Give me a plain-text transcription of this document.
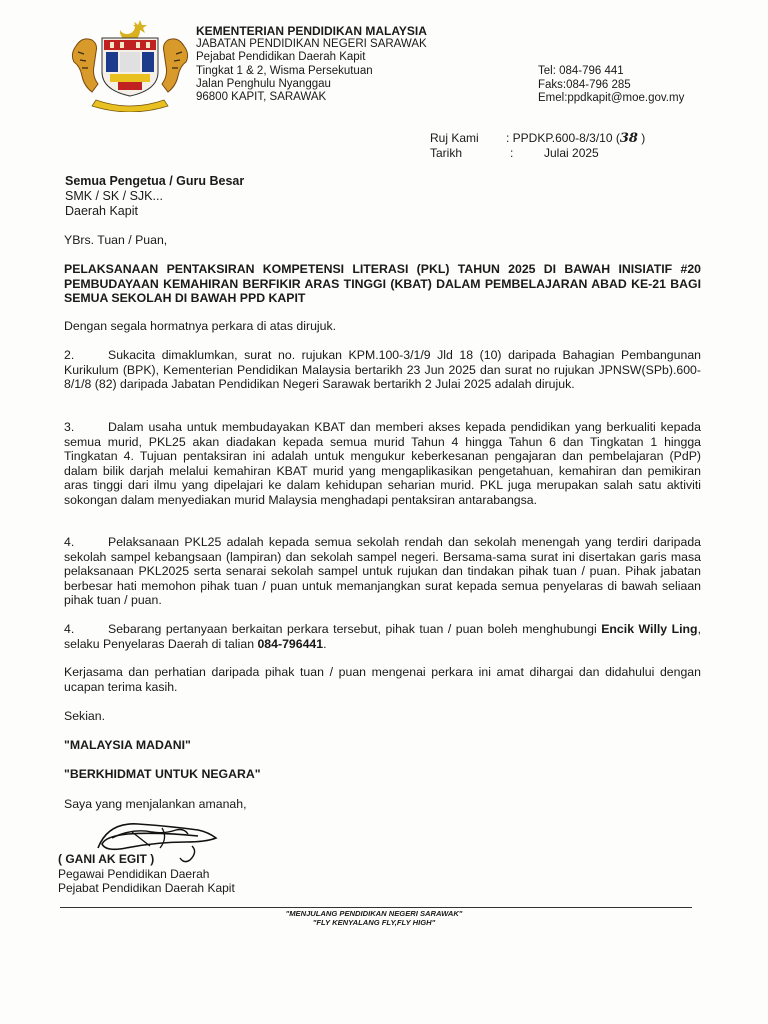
KEMENTERIAN PENDIDIKAN MALAYSIA
JABATAN PENDIDIKAN NEGERI SARAWAK
Pejabat Pendidikan Daerah Kapit
Tingkat 1 & 2, Wisma Persekutuan
Jalan Penghulu Nyanggau
96800 KAPIT, SARAWAK
Tel: 084-796 441
Faks:084-796 285
Emel:ppdkapit@moe.gov.my
Ruj Kami : PPDKP.600-8/3/10 (38 )
Tarikh	:	Julai 2025
Semua Pengetua / Guru Besar
SMK / SK / SJK...
Daerah Kapit
YBrs. Tuan / Puan,
PELAKSANAAN PENTAKSIRAN KOMPETENSI LITERASI (PKL) TAHUN 2025 DI BAWAH INISIATIF #20 PEMBUDAYAAN KEMAHIRAN BERFIKIR ARAS TINGGI (KBAT) DALAM PEMBELAJARAN ABAD KE-21 BAGI SEMUA SEKOLAH DI BAWAH PPD KAPIT
Dengan segala hormatnya perkara di atas dirujuk.
2.	Sukacita dimaklumkan, surat no. rujukan KPM.100-3/1/9 Jld 18 (10) daripada Bahagian Pembangunan Kurikulum (BPK), Kementerian Pendidikan Malaysia bertarikh 23 Jun 2025 dan surat no rujukan JPNSW(SPb).600-8/1/8 (82) daripada Jabatan Pendidikan Negeri Sarawak bertarikh 2 Julai 2025 adalah dirujuk.
3.	Dalam usaha untuk membudayakan KBAT dan memberi akses kepada pendidikan yang berkualiti kepada semua murid, PKL25 akan diadakan kepada semua murid Tahun 4 hingga Tahun 6 dan Tingkatan 1 hingga Tingkatan 4. Tujuan pentaksiran ini adalah untuk mengukur keberkesanan pengajaran dan pembelajaran (PdP) dalam bilik darjah melalui kemahiran KBAT murid yang mengaplikasikan pengetahuan, kemahiran dan pemikiran aras tinggi dari ilmu yang dipelajari ke dalam kehidupan seharian murid. PKL juga merupakan salah satu aktiviti sokongan dalam menyediakan murid Malaysia menghadapi pentaksiran antarabangsa.
4.	Pelaksanaan PKL25 adalah kepada semua sekolah rendah dan sekolah menengah yang terdiri daripada sekolah sampel kebangsaan (lampiran) dan sekolah sampel negeri. Bersama-sama surat ini disertakan garis masa pelaksanaan PKL2025 serta senarai sekolah sampel untuk rujukan dan tindakan pihak tuan / puan. Pihak jabatan berbesar hati memohon pihak tuan / puan untuk memanjangkan surat kepada semua penyelaras di bawah seliaan pihak tuan / puan.
4.	Sebarang pertanyaan berkaitan perkara tersebut, pihak tuan / puan boleh menghubungi Encik Willy Ling, selaku Penyelaras Daerah di talian 084-796441.
Kerjasama dan perhatian daripada pihak tuan / puan mengenai perkara ini amat dihargai dan didahului dengan ucapan terima kasih.
Sekian.
"MALAYSIA MADANI"
"BERKHIDMAT UNTUK NEGARA"
Saya yang menjalankan amanah,
( GANI AK EGIT )
Pegawai Pendidikan Daerah
Pejabat Pendidikan Daerah Kapit
"MENJULANG PENDIDIKAN NEGERI SARAWAK"
"FLY KENYALANG FLY,FLY HIGH"
